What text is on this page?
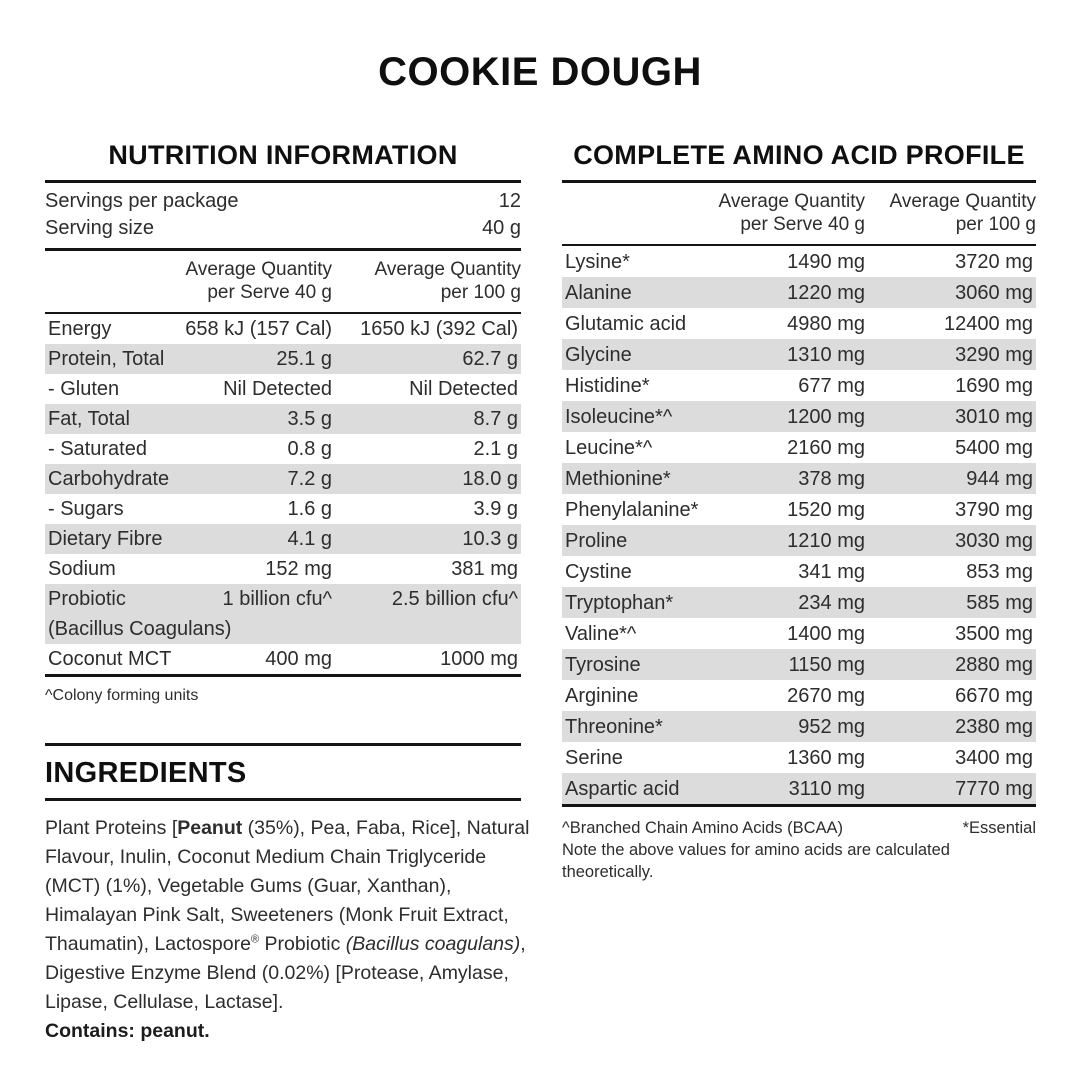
COOKIE DOUGH
NUTRITION INFORMATION
Servings per package	12
Serving size	40 g
Average Quantity
per Serve 40 g
Average Quantity
per 100 g
Energy	658 kJ (157 Cal) 1650 kJ (392 Cal)
Protein, Total	25.1 g	62.7 g
- Gluten	Nil Detected	Nil Detected
Fat, Total	3.5 g	8.7 g
- Saturated	0.8 g	2.1 g
Carbohydrate	7.2 g	18.0 g
- Sugars	1.6 g	3.9 g
Dietary Fibre	4.1 g	10.3 g
Sodium	152 mg	381 mg
Probiotic	1 billion cfu^	2.5 billion cfu^
(Bacillus Coagulans)
Coconut MCT	400 mg	1000 mg
^Colony forming units
INGREDIENTS
Plant Proteins [Peanut (35%), Pea, Faba, Rice], Natural Flavour, Inulin, Coconut Medium Chain Triglyceride (MCT) (1%), Vegetable Gums (Guar, Xanthan), Himalayan Pink Salt, Sweeteners (Monk Fruit Extract, Thaumatin), Lactospore® Probiotic (Bacillus coagulans), Digestive Enzyme Blend (0.02%) [Protease, Amylase, Lipase, Cellulase, Lactase].
Contains: peanut.
COMPLETE AMINO ACID PROFILE
Average Quantity
per Serve 40 g
Average Quantity
per 100 g
Lysine*	1490 mg	3720 mg
Alanine	1220 mg	3060 mg
Glutamic acid	4980 mg	12400 mg
Glycine	1310 mg	3290 mg
Histidine*	677 mg	1690 mg
Isoleucine*^	1200 mg	3010 mg
Leucine*^	2160 mg	5400 mg
Methionine*	378 mg	944 mg
Phenylalanine*	1520 mg	3790 mg
Proline	1210 mg	3030 mg
Cystine	341 mg	853 mg
Tryptophan*	234 mg	585 mg
Valine*^	1400 mg	3500 mg
Tyrosine	1150 mg	2880 mg
Arginine	2670 mg	6670 mg
Threonine*	952 mg	2380 mg
Serine	1360 mg	3400 mg
Aspartic acid	3110 mg	7770 mg
^Branched Chain Amino Acids (BCAA)	*Essential
Note the above values for amino acids are calculated theoretically.
